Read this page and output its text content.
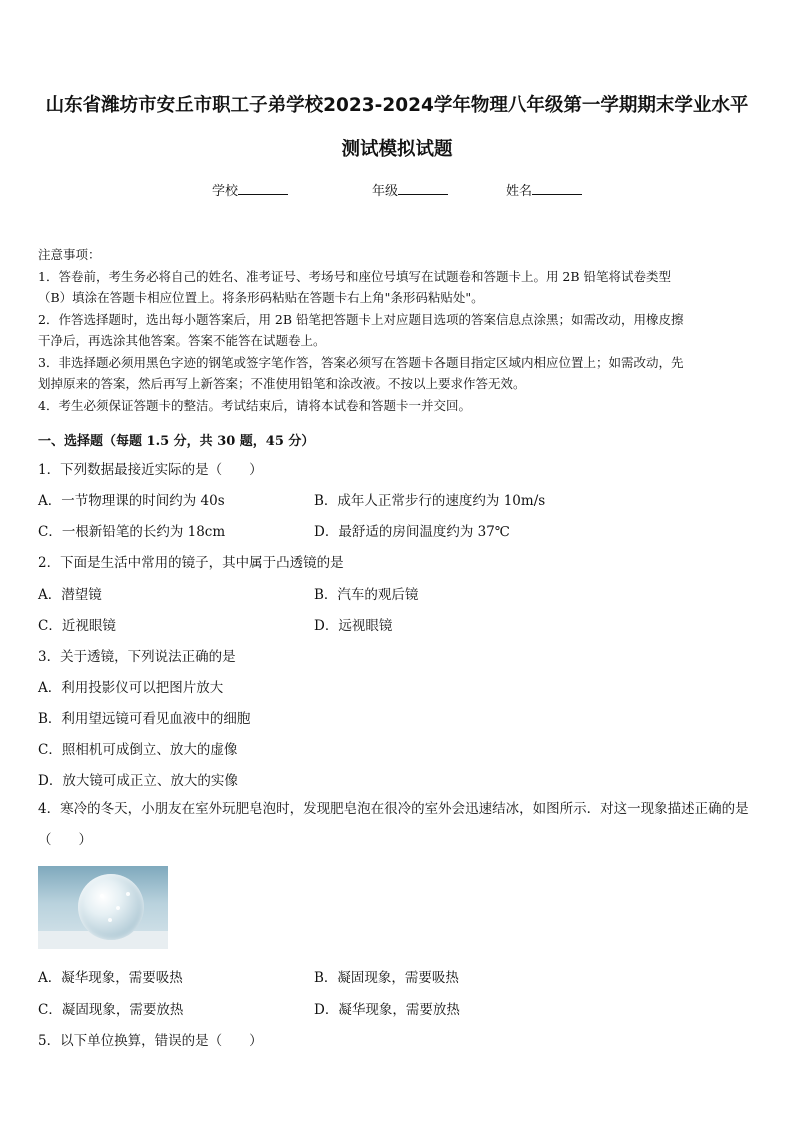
山东省潍坊市安丘市职工子弟学校2023-2024学年物理八年级第一学期期末学业水平
测试模拟试题
学校	年级	姓名
注意事项：
1．答卷前，考生务必将自己的姓名、准考证号、考场号和座位号填写在试题卷和答题卡上。用 2B 铅笔将试卷类型
（B）填涂在答题卡相应位置上。将条形码粘贴在答题卡右上角"条形码粘贴处"。
2．作答选择题时，选出每小题答案后，用 2B 铅笔把答题卡上对应题目选项的答案信息点涂黑；如需改动，用橡皮擦
干净后，再选涂其他答案。答案不能答在试题卷上。
3．非选择题必须用黑色字迹的钢笔或签字笔作答，答案必须写在答题卡各题目指定区域内相应位置上；如需改动，先
划掉原来的答案，然后再写上新答案；不准使用铅笔和涂改液。不按以上要求作答无效。
4．考生必须保证答题卡的整洁。考试结束后，请将本试卷和答题卡一并交回。
一、选择题（每题 1.5 分，共 30 题，45 分）
1．下列数据最接近实际的是（　　）
A．一节物理课的时间约为 40s	B．成年人正常步行的速度约为 10m/s
C．一根新铅笔的长约为 18cm	D．最舒适的房间温度约为 37℃
2．下面是生活中常用的镜子，其中属于凸透镜的是
A．潜望镜	B．汽车的观后镜
C．近视眼镜	D．远视眼镜
3．关于透镜，下列说法正确的是
A．利用投影仪可以把图片放大
B．利用望远镜可看见血液中的细胞
C．照相机可成倒立、放大的虚像
D．放大镜可成正立、放大的实像
4．寒冷的冬天，小朋友在室外玩肥皂泡时，发现肥皂泡在很冷的室外会迅速结冰，如图所示．对这一现象描述正确的是（　　）
A．凝华现象，需要吸热	B．凝固现象，需要吸热
C．凝固现象，需要放热	D．凝华现象，需要放热
5．以下单位换算，错误的是（　　）
